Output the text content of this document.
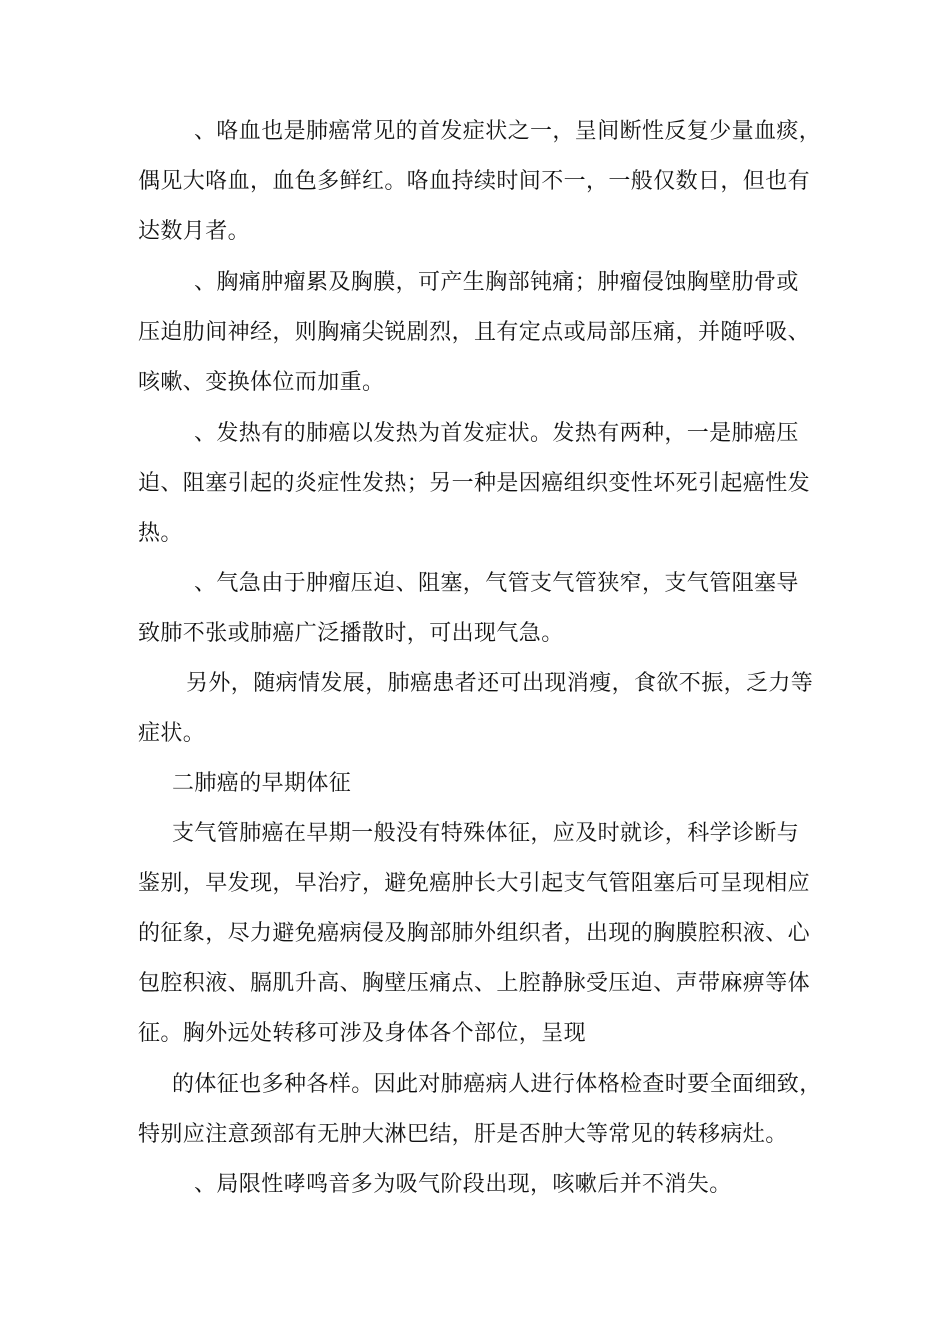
、咯血也是肺癌常见的首发症状之一，呈间断性反复少量血痰，
偶见大咯血，血色多鲜红。咯血持续时间不一，一般仅数日，但也有
达数月者。
、胸痛肿瘤累及胸膜，可产生胸部钝痛；肿瘤侵蚀胸壁肋骨或
压迫肋间神经，则胸痛尖锐剧烈，且有定点或局部压痛，并随呼吸、
咳嗽、变换体位而加重。
、发热有的肺癌以发热为首发症状。发热有两种，一是肺癌压
迫、阻塞引起的炎症性发热；另一种是因癌组织变性坏死引起癌性发
热。
、气急由于肿瘤压迫、阻塞，气管支气管狭窄，支气管阻塞导
致肺不张或肺癌广泛播散时，可出现气急。
另外，随病情发展，肺癌患者还可出现消瘦，食欲不振，乏力等
症状。
二肺癌的早期体征
支气管肺癌在早期一般没有特殊体征，应及时就诊，科学诊断与
鉴别，早发现，早治疗，避免癌肿长大引起支气管阻塞后可呈现相应
的征象，尽力避免癌病侵及胸部肺外组织者，出现的胸膜腔积液、心
包腔积液、膈肌升高、胸壁压痛点、上腔静脉受压迫、声带麻痹等体
征。胸外远处转移可涉及身体各个部位，呈现
的体征也多种各样。因此对肺癌病人进行体格检查时要全面细致，
特别应注意颈部有无肿大淋巴结，肝是否肿大等常见的转移病灶。
、局限性哮鸣音多为吸气阶段出现，咳嗽后并不消失。
